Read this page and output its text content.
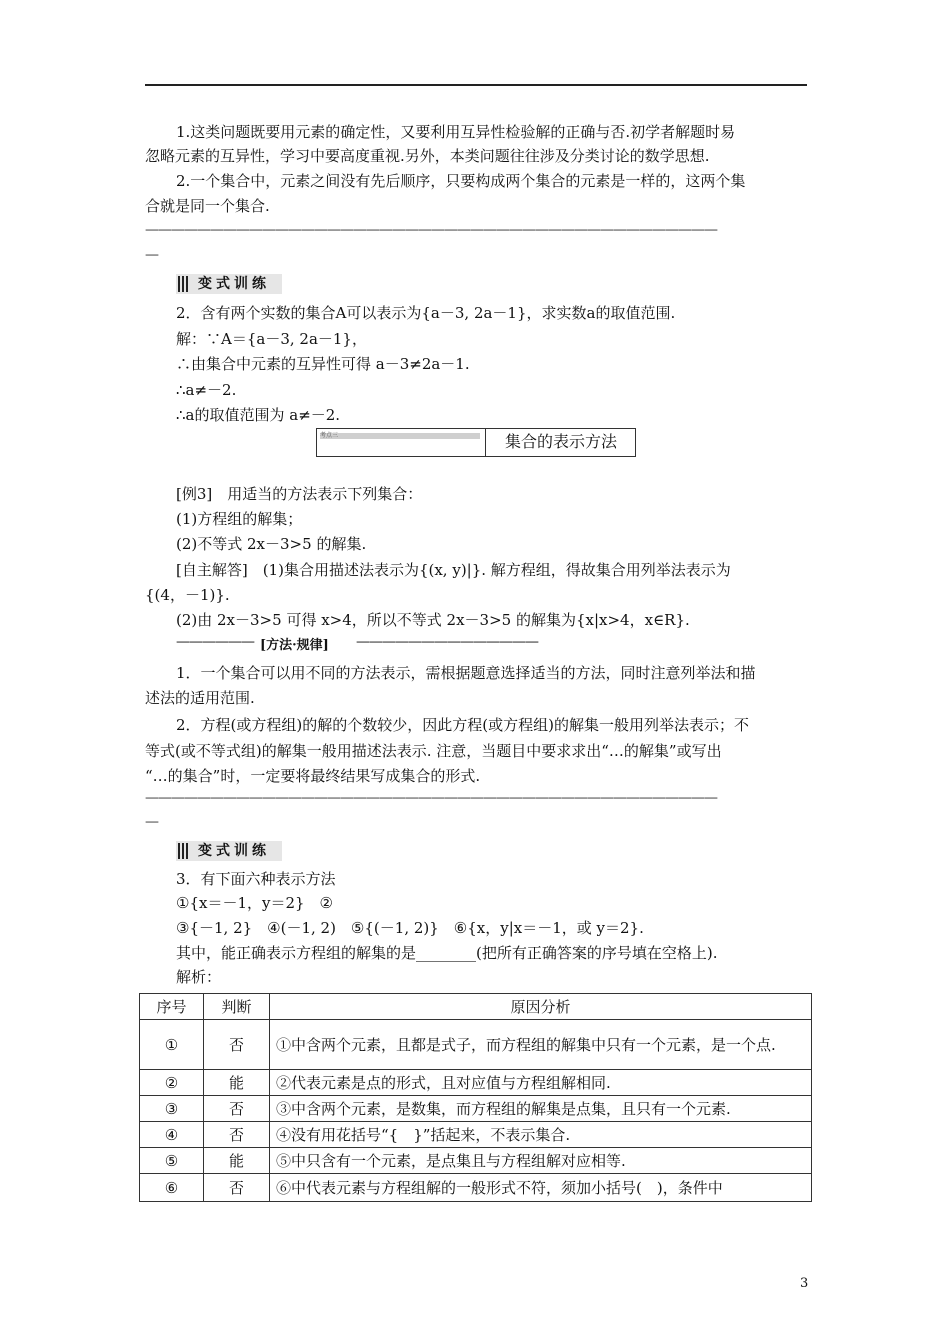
1.这类问题既要用元素的确定性，又要利用互异性检验解的正确与否.初学者解题时易
忽略元素的互异性，学习中要高度重视.另外，本类问题往往涉及分类讨论的数学思想.
2.一个集合中，元素之间没有先后顺序，只要构成两个集合的元素是一样的，这两个集
合就是同一个集合.
————————————————————————————————————————————
—
变式训练
2．含有两个实数的集合A可以表示为{a－3, 2a－1}，求实数a的取值范围.
解：∵A＝{a－3, 2a－1}，
∴由集合中元素的互异性可得 a－3≠2a－1.
∴a≠－2.
∴a的取值范围为 a≠－2.
考点三	集合的表示方法
[例3]　用适当的方法表示下列集合：
(1)方程组的解集；
(2)不等式 2x－3>5 的解集.
[自主解答]　(1)集合用描述法表示为{(x, y)|}. 解方程组，得故集合用列举法表示为
{(4，－1)}.
(2)由 2x－3>5 可得 x>4，所以不等式 2x－3>5 的解集为{x|x>4，x∈R}.
—————— [方法·规律] ——————————————
1．一个集合可以用不同的方法表示，需根据题意选择适当的方法，同时注意列举法和描
述法的适用范围.
2．方程(或方程组)的解的个数较少，因此方程(或方程组)的解集一般用列举法表示；不
等式(或不等式组)的解集一般用描述法表示. 注意，当题目中要求求出“…的解集”或写出
“…的集合”时，一定要将最终结果写成集合的形式.
————————————————————————————————————————————
—
变式训练
3．有下面六种表示方法
①{x＝－1，y＝2}　②
③{－1, 2}　④(－1, 2)　⑤{(－1, 2)}　⑥{x，y|x＝－1，或 y＝2}.
其中，能正确表示方程组的解集的是________(把所有正确答案的序号填在空格上).
解析：
序号	判断	原因分析
①	否	①中含两个元素，且都是式子，而方程组的解集中只有一个元素，是一个点.
②	能	②代表元素是点的形式，且对应值与方程组解相同.
③	否	③中含两个元素，是数集，而方程组的解集是点集，且只有一个元素.
④	否	④没有用花括号“{　}”括起来，不表示集合.
⑤	能	⑤中只含有一个元素，是点集且与方程组解对应相等.
⑥	否	⑥中代表元素与方程组解的一般形式不符，须加小括号(　)，条件中
3
